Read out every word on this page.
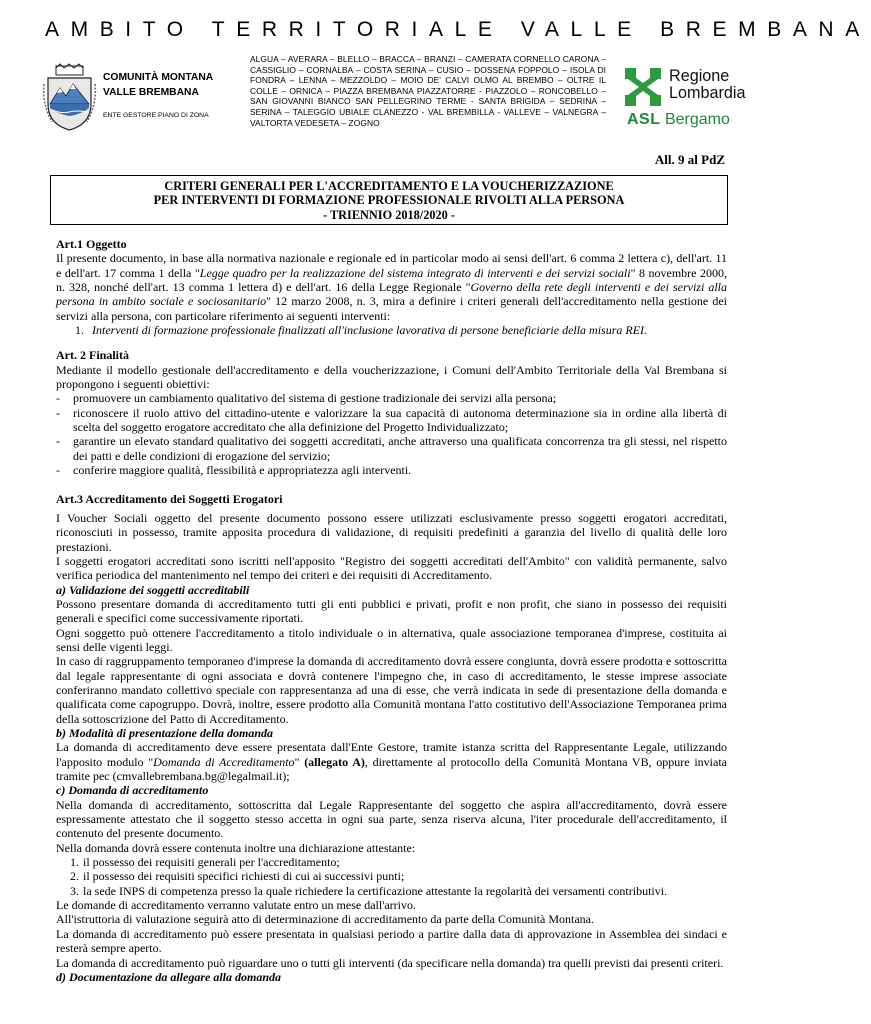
AMBITO TERRITORIALE VALLE BREMBANA
COMUNITÀ MONTANA
VALLE BREMBANA
ENTE GESTORE PIANO DI ZONA
ALGUA – AVERARA – BLELLO – BRACCA – BRANZI – CAMERATA CORNELLO CARONA – CASSIGLIO – CORNALBA – COSTA SERINA – CUSIO – DOSSENA FOPPOLO – ISOLA DI FONDRA – LENNA – MEZZOLDO – MOIO DE' CALVI OLMO AL BREMBO – OLTRE IL COLLE – ORNICA – PIAZZA BREMBANA PIAZZATORRE - PIAZZOLO – RONCOBELLO – SAN GIOVANNI BIANCO SAN PELLEGRINO TERME - SANTA BRIGIDA – SEDRINA – SERINA – TALEGGIO UBIALE CLANEZZO - VAL BREMBILLA - VALLEVE – VALNEGRA – VALTORTA VEDESETA – ZOGNO
Regione
Lombardia
ASL Bergamo
All. 9 al PdZ
CRITERI GENERALI PER L'ACCREDITAMENTO E LA VOUCHERIZZAZIONE
PER INTERVENTI DI FORMAZIONE PROFESSIONALE RIVOLTI ALLA PERSONA
- TRIENNIO 2018/2020 -

Art.1 Oggetto

Il presente documento, in base alla normativa nazionale e regionale ed in particolar modo ai sensi dell'art. 6 comma 2 lettera c), dell'art. 11 e dell'art. 17 comma 1 della "Legge quadro per la realizzazione del sistema integrato di interventi e dei servizi sociali" 8 novembre 2000, n. 328, nonché dell'art. 13 comma 1 lettera d) e dell'art. 16 della Legge Regionale "Governo della rete degli interventi e dei servizi alla persona in ambito sociale e sociosanitario" 12 marzo 2008, n. 3, mira a definire i criteri generali dell'accreditamento nella gestione dei servizi alla persona, con particolare riferimento ai seguenti interventi:

1. Interventi di formazione professionale finalizzati all'inclusione lavorativa di persone beneficiarie della misura REI.

Art. 2 Finalità

Mediante il modello gestionale dell'accreditamento e della voucherizzazione, i Comuni dell'Ambito Territoriale della Val Brembana si propongono i seguenti obiettivi:

- promuovere un cambiamento qualitativo del sistema di gestione tradizionale dei servizi alla persona;
- riconoscere il ruolo attivo del cittadino-utente e valorizzare la sua capacità di autonoma determinazione sia in ordine alla libertà di scelta del soggetto erogatore accreditato che alla definizione del Progetto Individualizzato;
- garantire un elevato standard qualitativo dei soggetti accreditati, anche attraverso una qualificata concorrenza tra gli stessi, nel rispetto dei patti e delle condizioni di erogazione del servizio;
- conferire maggiore qualità, flessibilità e appropriatezza agli interventi.

Art.3 Accreditamento dei Soggetti Erogatori

I Voucher Sociali oggetto del presente documento possono essere utilizzati esclusivamente presso soggetti erogatori accreditati, riconosciuti in possesso, tramite apposita procedura di validazione, di requisiti predefiniti a garanzia del livello di qualità delle loro prestazioni.

I soggetti erogatori accreditati sono iscritti nell'apposito "Registro dei soggetti accreditati dell'Ambito" con validità permanente, salvo verifica periodica del mantenimento nel tempo dei criteri e dei requisiti di Accreditamento.

a) Validazione dei soggetti accreditabili

Possono presentare domanda di accreditamento tutti gli enti pubblici e privati, profit e non profit, che siano in possesso dei requisiti generali e specifici come successivamente riportati.

Ogni soggetto può ottenere l'accreditamento a titolo individuale o in alternativa, quale associazione temporanea d'imprese, costituita ai sensi delle vigenti leggi.

In caso di raggruppamento temporaneo d'imprese la domanda di accreditamento dovrà essere congiunta, dovrà essere prodotta e sottoscritta dal legale rappresentante di ogni associata e dovrà contenere l'impegno che, in caso di accreditamento, le stesse imprese associate conferiranno mandato collettivo speciale con rappresentanza ad una di esse, che verrà indicata in sede di presentazione della domanda e qualificata come capogruppo. Dovrà, inoltre, essere prodotto alla Comunità montana l'atto costitutivo dell'Associazione Temporanea prima della sottoscrizione del Patto di Accreditamento.

b) Modalità di presentazione della domanda

La domanda di accreditamento deve essere presentata dall'Ente Gestore, tramite istanza scritta del Rappresentante Legale, utilizzando l'apposito modulo "Domanda di Accreditamento" (allegato A), direttamente al protocollo della Comunità Montana VB, oppure inviata tramite pec (cmvallebrembana.bg@legalmail.it);

c) Domanda di accreditamento

Nella domanda di accreditamento, sottoscritta dal Legale Rappresentante del soggetto che aspira all'accreditamento, dovrà essere espressamente attestato che il soggetto stesso accetta in ogni sua parte, senza riserva alcuna, l'iter procedurale dell'accreditamento, il contenuto del presente documento.

Nella domanda dovrà essere contenuta inoltre una dichiarazione attestante:

1. il possesso dei requisiti generali per l'accreditamento;
2. il possesso dei requisiti specifici richiesti di cui ai successivi punti;
3. la sede INPS di competenza presso la quale richiedere la certificazione attestante la regolarità dei versamenti contributivi.

Le domande di accreditamento verranno valutate entro un mese dall'arrivo.

All'istruttoria di valutazione seguirà atto di determinazione di accreditamento da parte della Comunità Montana.

La domanda di accreditamento può essere presentata in qualsiasi periodo a partire dalla data di approvazione in Assemblea dei sindaci e resterà sempre aperto.

La domanda di accreditamento può riguardare uno o tutti gli interventi (da specificare nella domanda) tra quelli previsti dai presenti criteri.

d) Documentazione da allegare alla domanda
